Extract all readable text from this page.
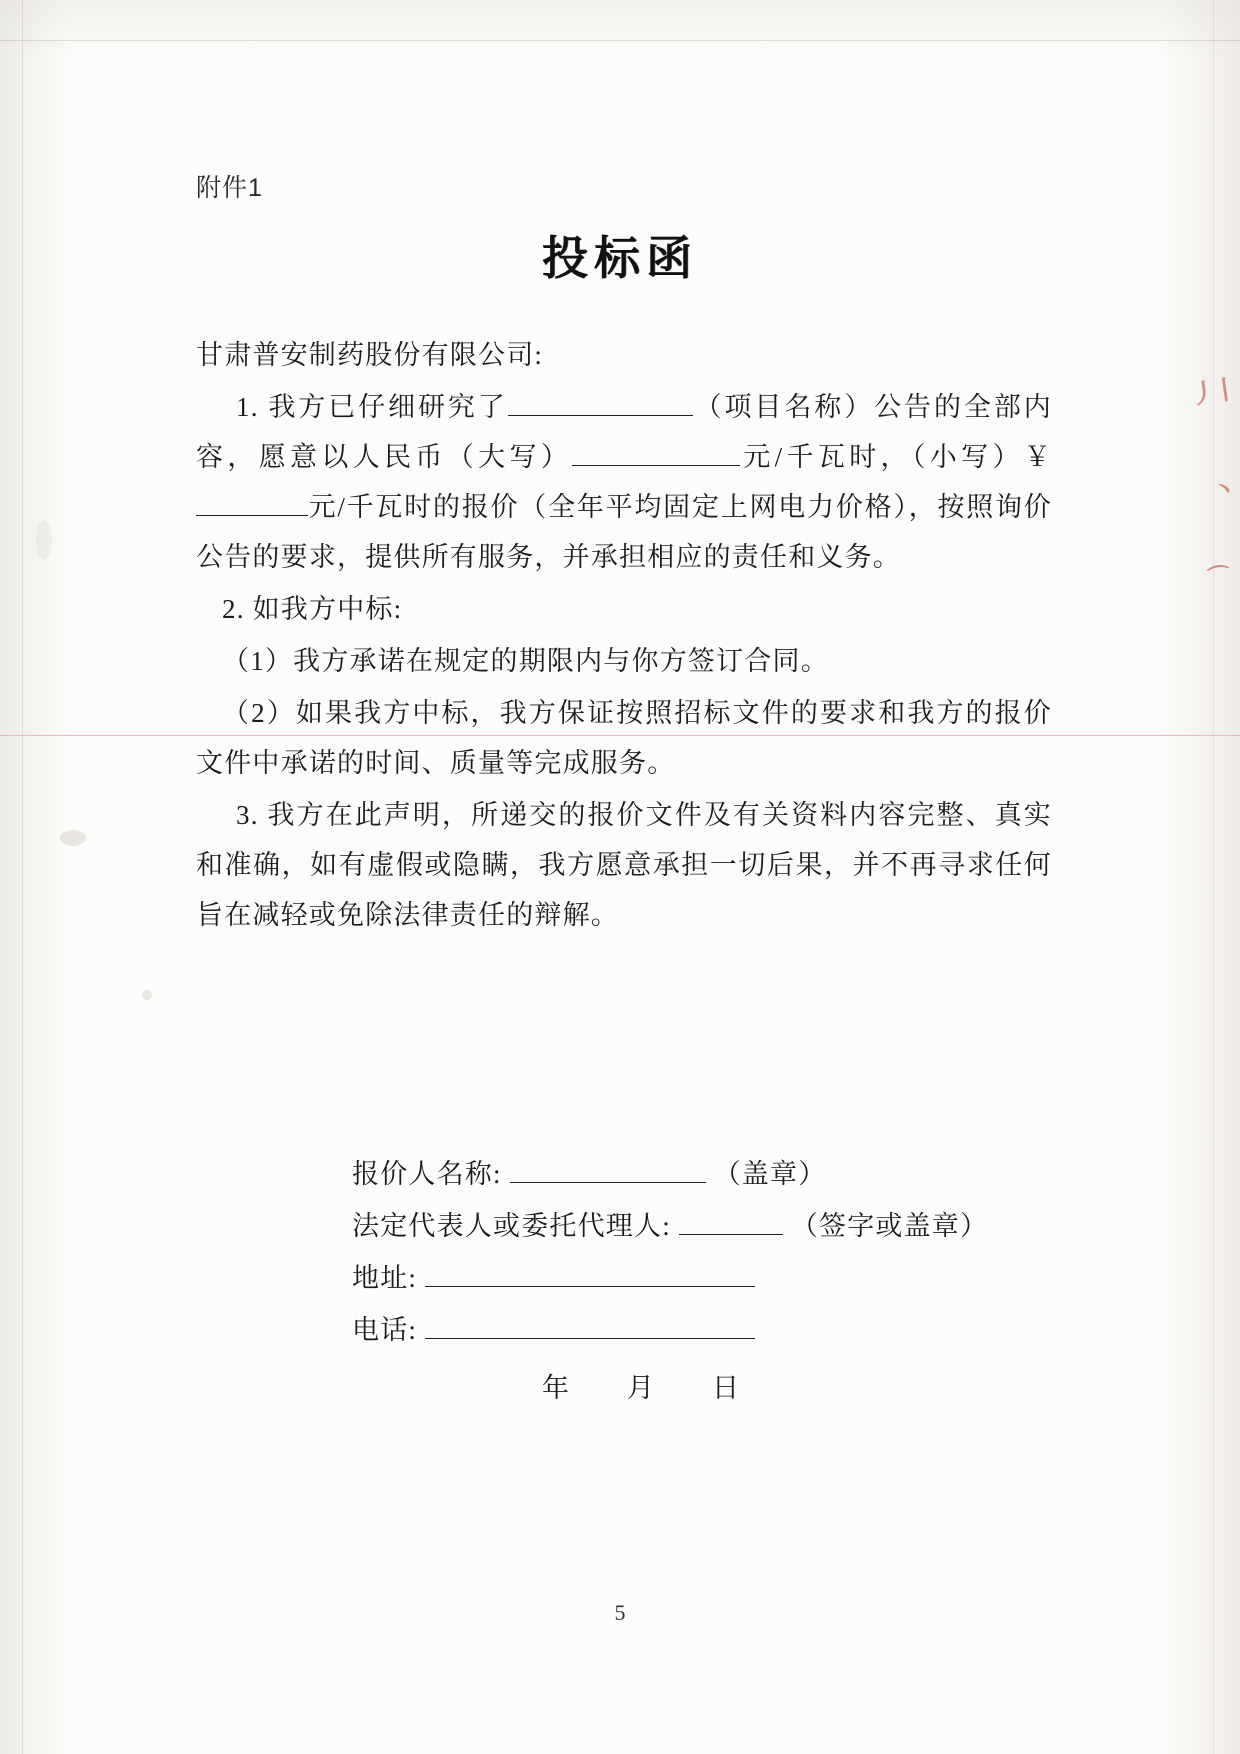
丿丨
丶
⌒
附件1
投标函

甘肃普安制药股份有限公司:

1. 我方已仔细研究了	（项目名称）公告的全部内容，愿意以人民币（大写）	元/千瓦时，（小写）￥元/千瓦时的报价（全年平均固定上网电力价格），按照询价公告的要求，提供所有服务，并承担相应的责任和义务。

2. 如我方中标:

（1）我方承诺在规定的期限内与你方签订合同。

（2）如果我方中标，我方保证按照招标文件的要求和我方的报价文件中承诺的时间、质量等完成服务。

3. 我方在此声明，所递交的报价文件及有关资料内容完整、真实和准确，如有虚假或隐瞒，我方愿意承担一切后果，并不再寻求任何旨在减轻或免除法律责任的辩解。

报价人名称:	（盖章）
法定代表人或委托代理人:	（签字或盖章）
地址:
电话:
年 月 日
5
